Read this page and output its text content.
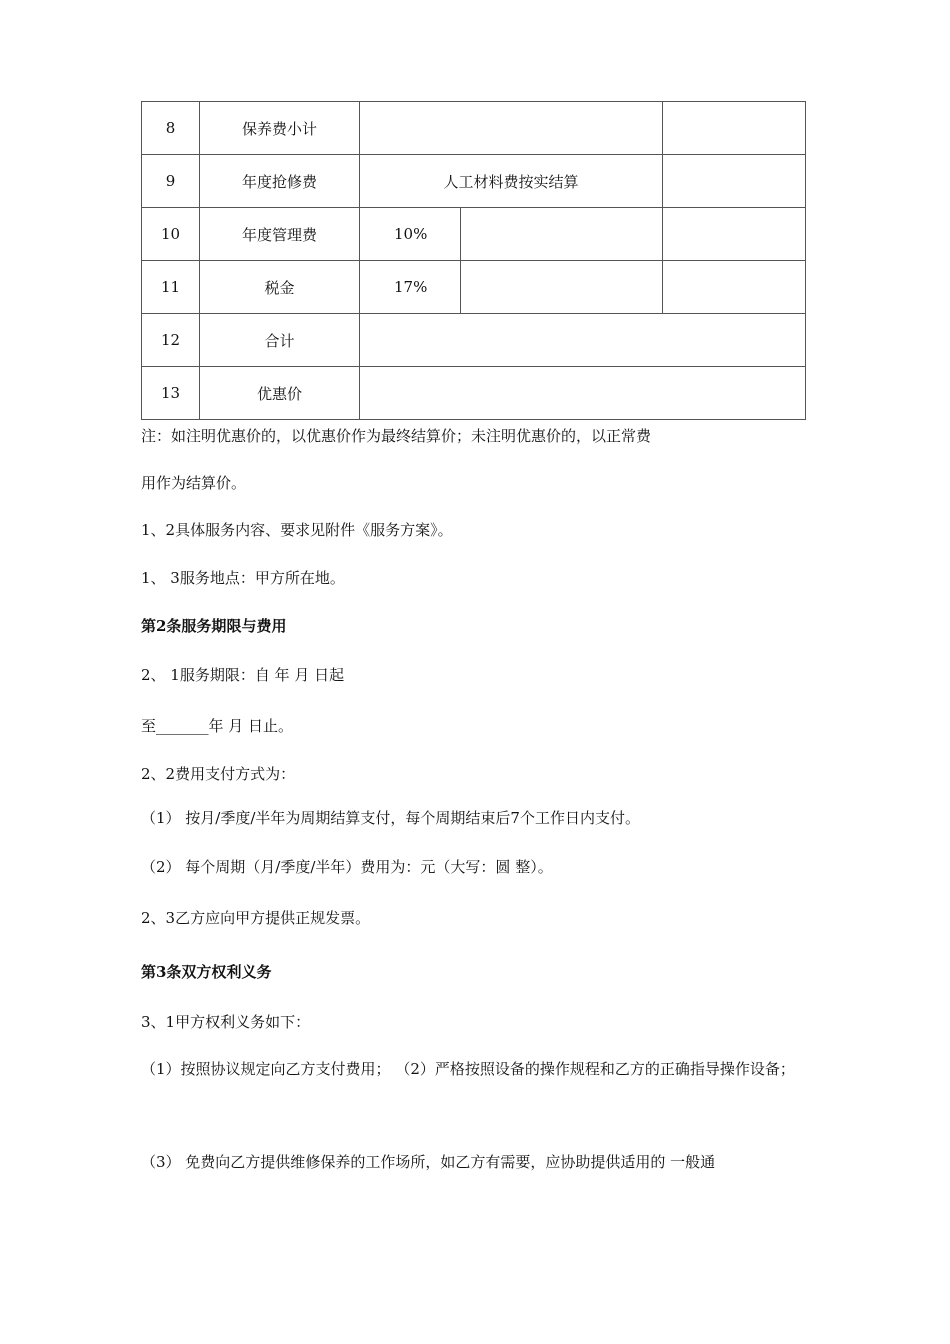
8	保养费小计			
9	年度抢修费	人工材料费按实结算		
10	年度管理费	10%		
11	税金	17%		
12	合计			
13	优惠价			
注：如注明优惠价的，以优惠价作为最终结算价；未注明优惠价的，以正常费
用作为结算价。
1、2具体服务内容、要求见附件《服务方案》。
1、 3服务地点：甲方所在地。
第2条服务期限与费用
2、 1服务期限：自 年 月 日起
至_______年 月 日止。
2、2费用支付方式为：
（1） 按月/季度/半年为周期结算支付，每个周期结束后7个工作日内支付。
（2） 每个周期（月/季度/半年）费用为：元（大写：圆 整）。
2、3乙方应向甲方提供正规发票。
第3条双方权利义务
3、1甲方权利义务如下：
（1）按照协议规定向乙方支付费用； （2）严格按照设备的操作规程和乙方的正确指导操作设备；
（3） 免费向乙方提供维修保养的工作场所，如乙方有需要，应协助提供适用的 一般通
